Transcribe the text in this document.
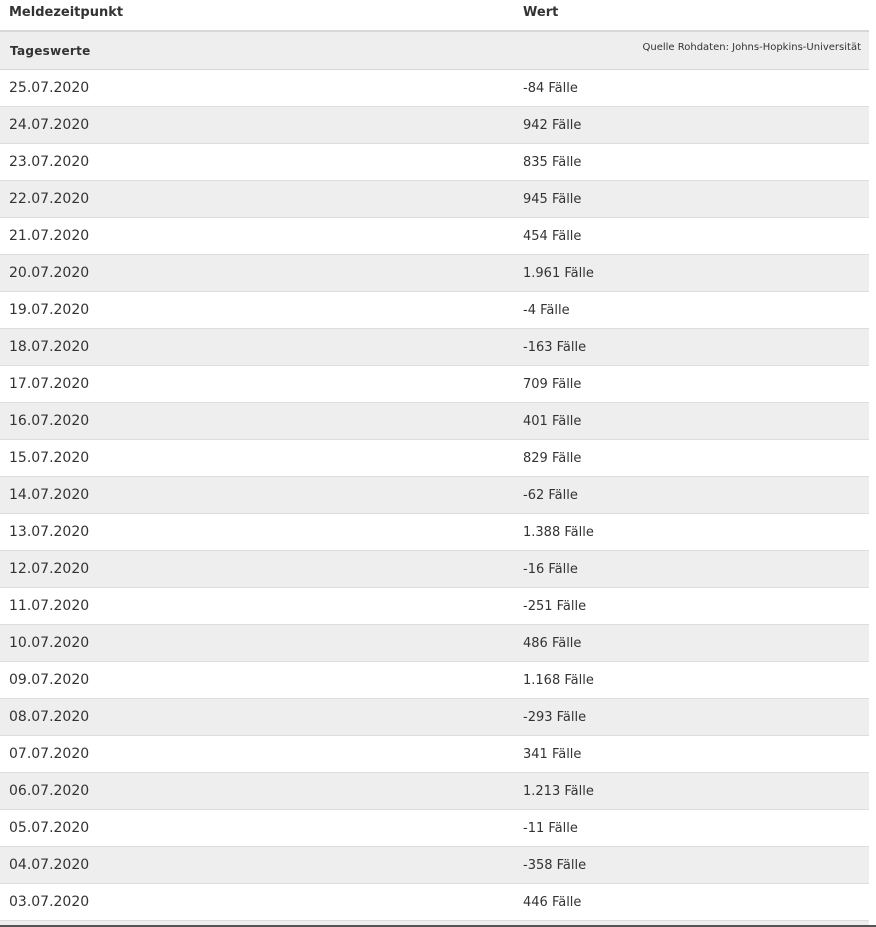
Meldezeitpunkt	Wert
Tageswerte	Quelle Rohdaten: Johns-Hopkins-Universität
25.07.2020	-84 Fälle
24.07.2020	942 Fälle
23.07.2020	835 Fälle
22.07.2020	945 Fälle
21.07.2020	454 Fälle
20.07.2020	1.961 Fälle
19.07.2020	-4 Fälle
18.07.2020	-163 Fälle
17.07.2020	709 Fälle
16.07.2020	401 Fälle
15.07.2020	829 Fälle
14.07.2020	-62 Fälle
13.07.2020	1.388 Fälle
12.07.2020	-16 Fälle
11.07.2020	-251 Fälle
10.07.2020	486 Fälle
09.07.2020	1.168 Fälle
08.07.2020	-293 Fälle
07.07.2020	341 Fälle
06.07.2020	1.213 Fälle
05.07.2020	-11 Fälle
04.07.2020	-358 Fälle
03.07.2020	446 Fälle
